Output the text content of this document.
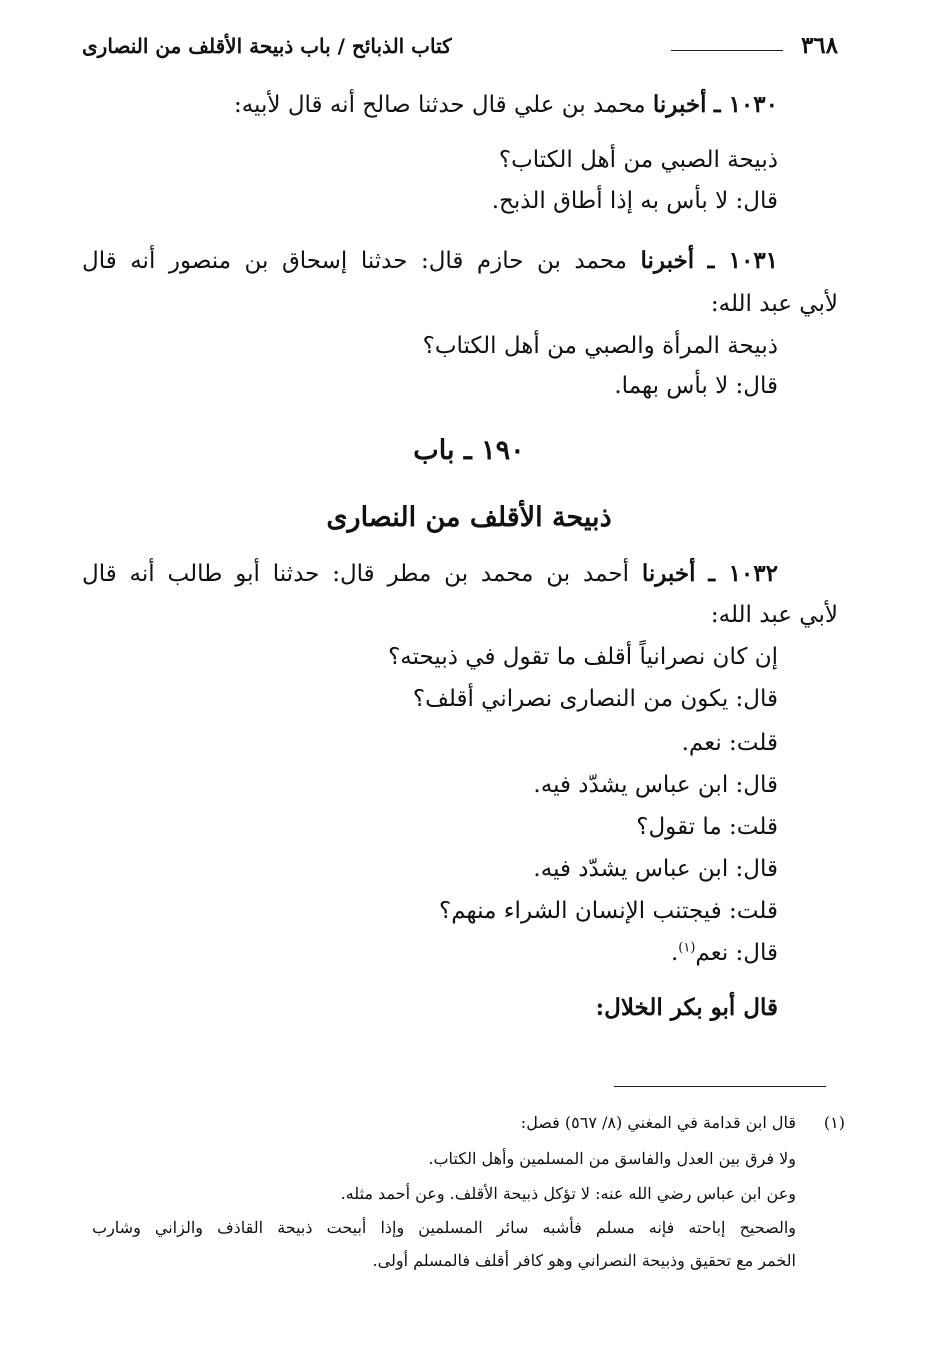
٣٦٨
كتاب الذبائح / باب ذبيحة الأقلف من النصارى
١٠٣٠ ـ أخبرنا محمد بن علي قال حدثنا صالح أنه قال لأبيه:
ذبيحة الصبي من أهل الكتاب؟
قال: لا بأس به إذا أطاق الذبح.
١٠٣١ ـ أخبرنا محمد بن حازم قال: حدثنا إسحاق بن منصور أنه قال
لأبي عبد الله:
ذبيحة المرأة والصبي من أهل الكتاب؟
قال: لا بأس بهما.
١٩٠ ـ باب
ذبيحة الأقلف من النصارى
١٠٣٢ ـ أخبرنا أحمد بن محمد بن مطر قال: حدثنا أبو طالب أنه قال
لأبي عبد الله:
إن كان نصرانياً أقلف ما تقول في ذبيحته؟
قال: يكون من النصارى نصراني أقلف؟
قلت: نعم.
قال: ابن عباس يشدّد فيه.
قلت: ما تقول؟
قال: ابن عباس يشدّد فيه.
قلت: فيجتنب الإنسان الشراء منهم؟
قال: نعم$^{(١)}$.
قال أبو بكر الخلال:
(١)
قال ابن قدامة في المغني (٨/ ٥٦٧) فصل:
ولا فرق بين العدل والفاسق من المسلمين وأهل الكتاب.
وعن ابن عباس رضي الله عنه: لا تؤكل ذبيحة الأقلف. وعن أحمد مثله.
والصحيح إباحته فإنه مسلم فأشبه سائر المسلمين وإذا أبيحت ذبيحة القاذف والزاني وشارب
الخمر مع تحقيق وذبيحة النصراني وهو كافر أقلف فالمسلم أولى.
